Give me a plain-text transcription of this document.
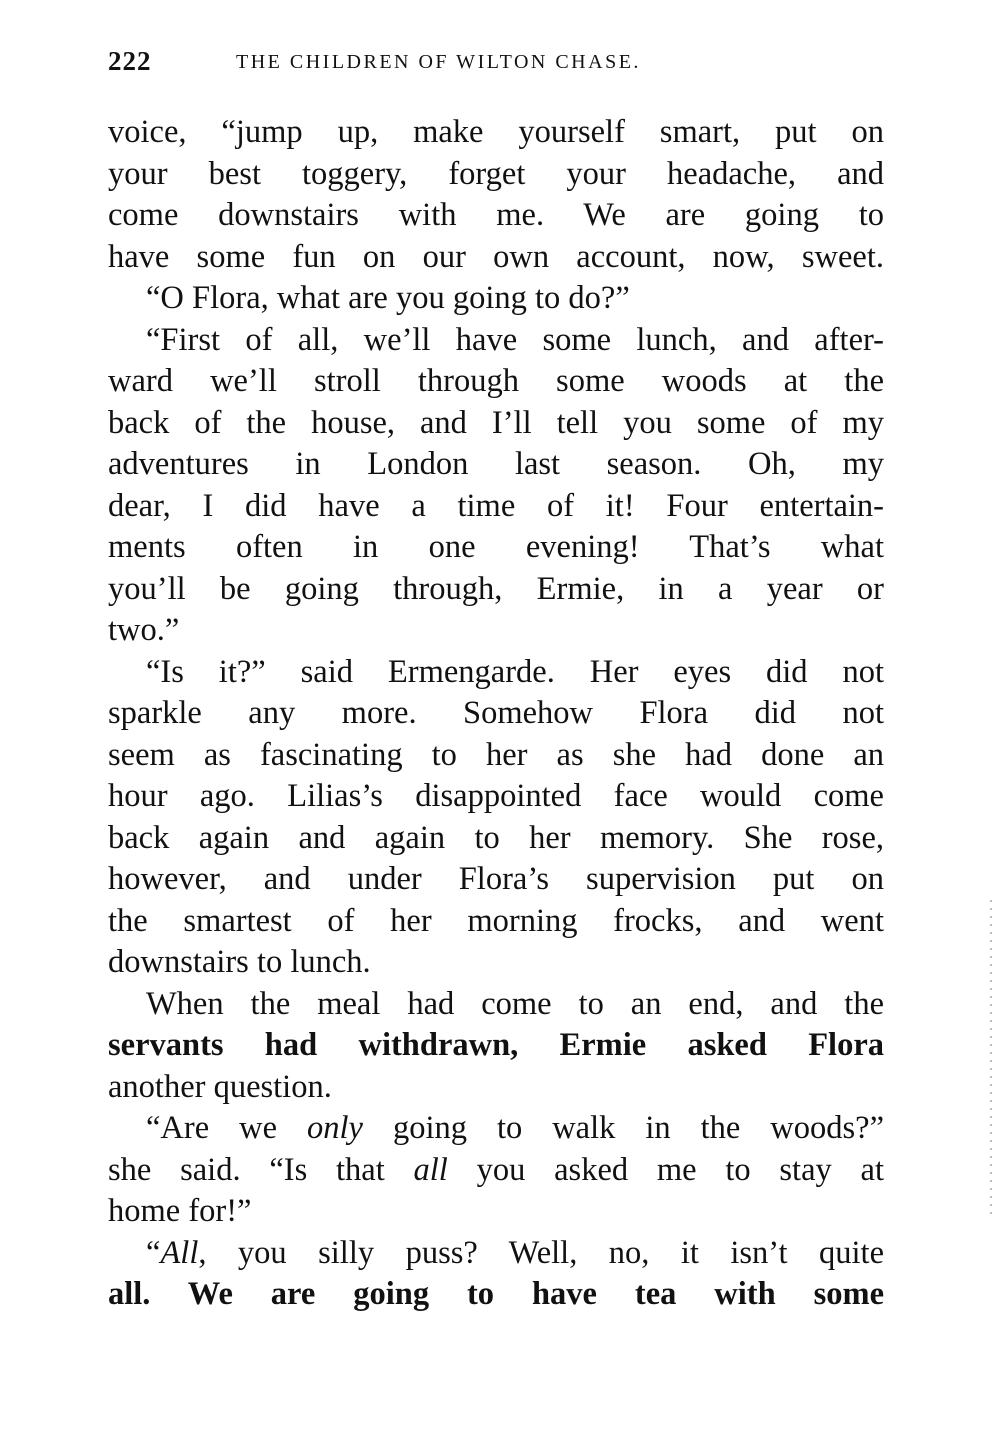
222	THE CHILDREN OF WILTON CHASE.
voice, “jump up, make yourself smart, put on
your best toggery, forget your headache, and
come downstairs with me. We are going to
have some fun on our own account, now, sweet.
“O Flora, what are you going to do?”
“First of all, we’ll have some lunch, and after-
ward we’ll stroll through some woods at the
back of the house, and I’ll tell you some of my
adventures in London last season. Oh, my
dear, I did have a time of it! Four entertain-
ments often in one evening! That’s what
you’ll be going through, Ermie, in a year or
two.”
“Is it?” said Ermengarde. Her eyes did not
sparkle any more. Somehow Flora did not
seem as fascinating to her as she had done an
hour ago. Lilias’s disappointed face would come
back again and again to her memory. She rose,
however, and under Flora’s supervision put on
the smartest of her morning frocks, and went
downstairs to lunch.
When the meal had come to an end, and the
servants had withdrawn, Ermie asked Flora
another question.
“Are we only going to walk in the woods?”
she said. “Is that all you asked me to stay at
home for!”
“All, you silly puss? Well, no, it isn’t quite
all. We are going to have tea with some
